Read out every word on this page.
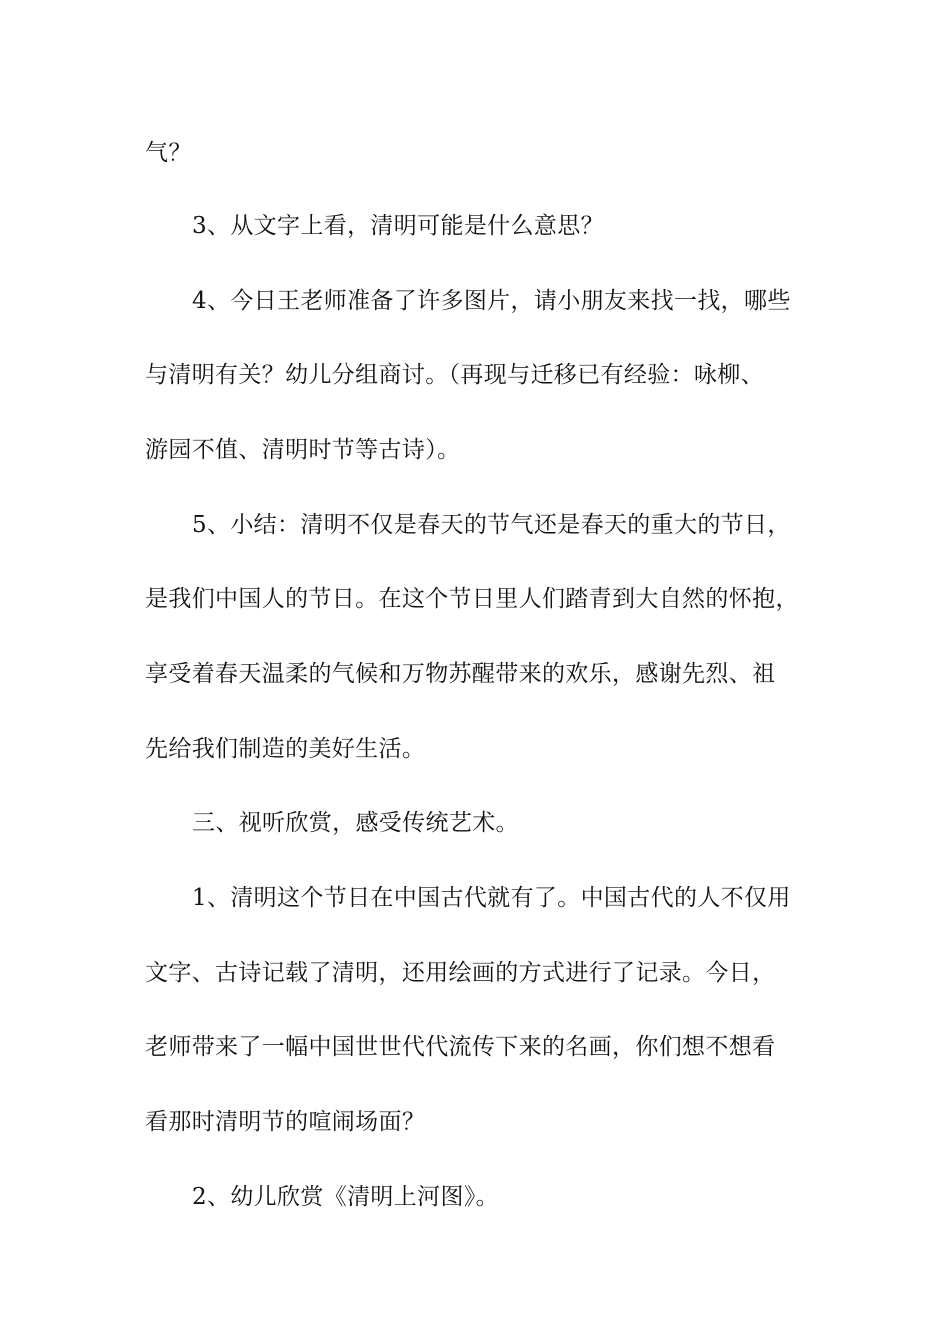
气？
3、从文字上看，清明可能是什么意思？
4、今日王老师准备了许多图片，请小朋友来找一找，哪些
与清明有关？幼儿分组商讨。（再现与迁移已有经验：咏柳、
游园不值、清明时节等古诗）。
5、小结：清明不仅是春天的节气还是春天的重大的节日，
是我们中国人的节日。在这个节日里人们踏青到大自然的怀抱，
享受着春天温柔的气候和万物苏醒带来的欢乐，感谢先烈、祖
先给我们制造的美好生活。
三、视听欣赏，感受传统艺术。
1、清明这个节日在中国古代就有了。中国古代的人不仅用
文字、古诗记载了清明，还用绘画的方式进行了记录。今日，
老师带来了一幅中国世世代代流传下来的名画，你们想不想看
看那时清明节的喧闹场面？
2、幼儿欣赏《清明上河图》。
